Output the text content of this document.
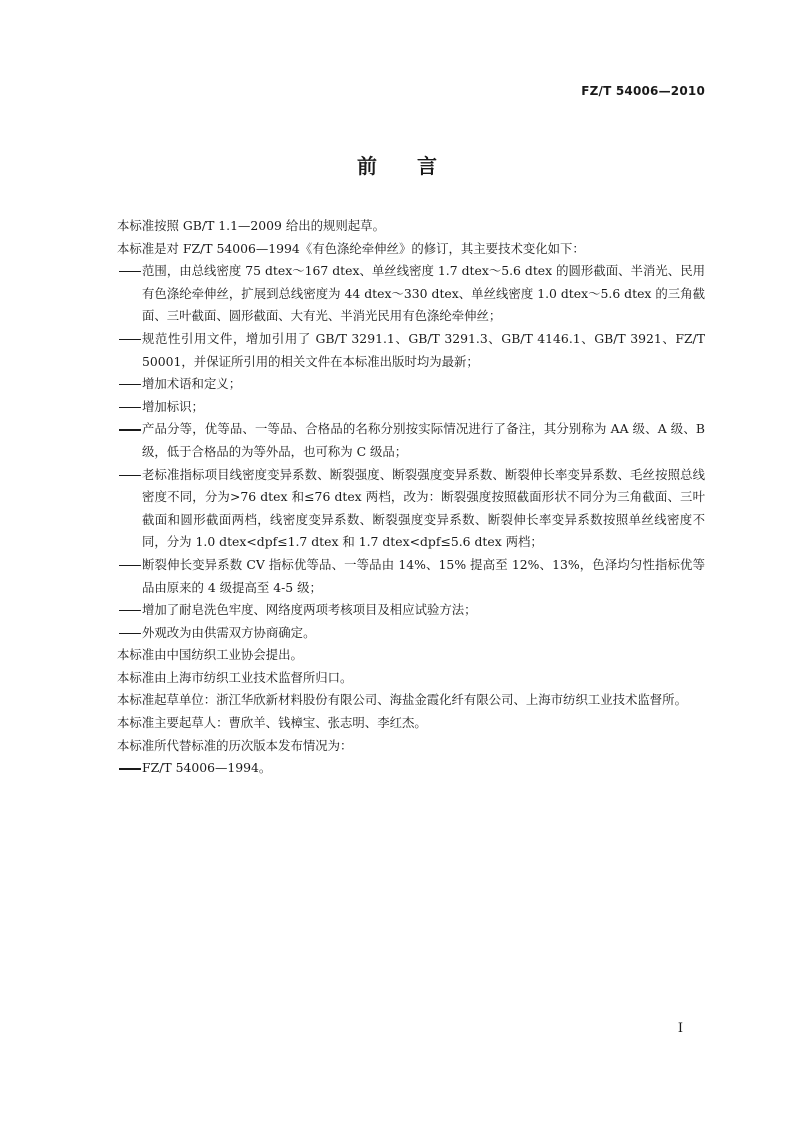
FZ/T 54006—2010
前言

本标准按照 GB/T 1.1—2009 给出的规则起草。

本标准是对 FZ/T 54006—1994《有色涤纶牵伸丝》的修订，其主要技术变化如下：

范围，由总线密度 75 dtex～167 dtex、单丝线密度 1.7 dtex～5.6 dtex 的圆形截面、半消光、民用有色涤纶牵伸丝，扩展到总线密度为 44 dtex～330 dtex、单丝线密度 1.0 dtex～5.6 dtex 的三角截面、三叶截面、圆形截面、大有光、半消光民用有色涤纶牵伸丝；

规范性引用文件，增加引用了 GB/T 3291.1、GB/T 3291.3、GB/T 4146.1、GB/T 3921、FZ/T 50001，并保证所引用的相关文件在本标准出版时均为最新；

增加术语和定义；

增加标识；

产品分等，优等品、一等品、合格品的名称分别按实际情况进行了备注，其分别称为 AA 级、A 级、B 级，低于合格品的为等外品，也可称为 C 级品；

老标准指标项目线密度变异系数、断裂强度、断裂强度变异系数、断裂伸长率变异系数、毛丝按照总线密度不同，分为>76 dtex 和≤76 dtex 两档，改为：断裂强度按照截面形状不同分为三角截面、三叶截面和圆形截面两档，线密度变异系数、断裂强度变异系数、断裂伸长率变异系数按照单丝线密度不同，分为 1.0 dtex<dpf≤1.7 dtex 和 1.7 dtex<dpf≤5.6 dtex 两档；

断裂伸长变异系数 CV 指标优等品、一等品由 14%、15% 提高至 12%、13%，色泽均匀性指标优等品由原来的 4 级提高至 4-5 级；

增加了耐皂洗色牢度、网络度两项考核项目及相应试验方法；

外观改为由供需双方协商确定。

本标准由中国纺织工业协会提出。

本标准由上海市纺织工业技术监督所归口。

本标准起草单位：浙江华欣新材料股份有限公司、海盐金霞化纤有限公司、上海市纺织工业技术监督所。

本标准主要起草人：曹欣羊、钱樟宝、张志明、李红杰。

本标准所代替标准的历次版本发布情况为：

FZ/T 54006—1994。

I
